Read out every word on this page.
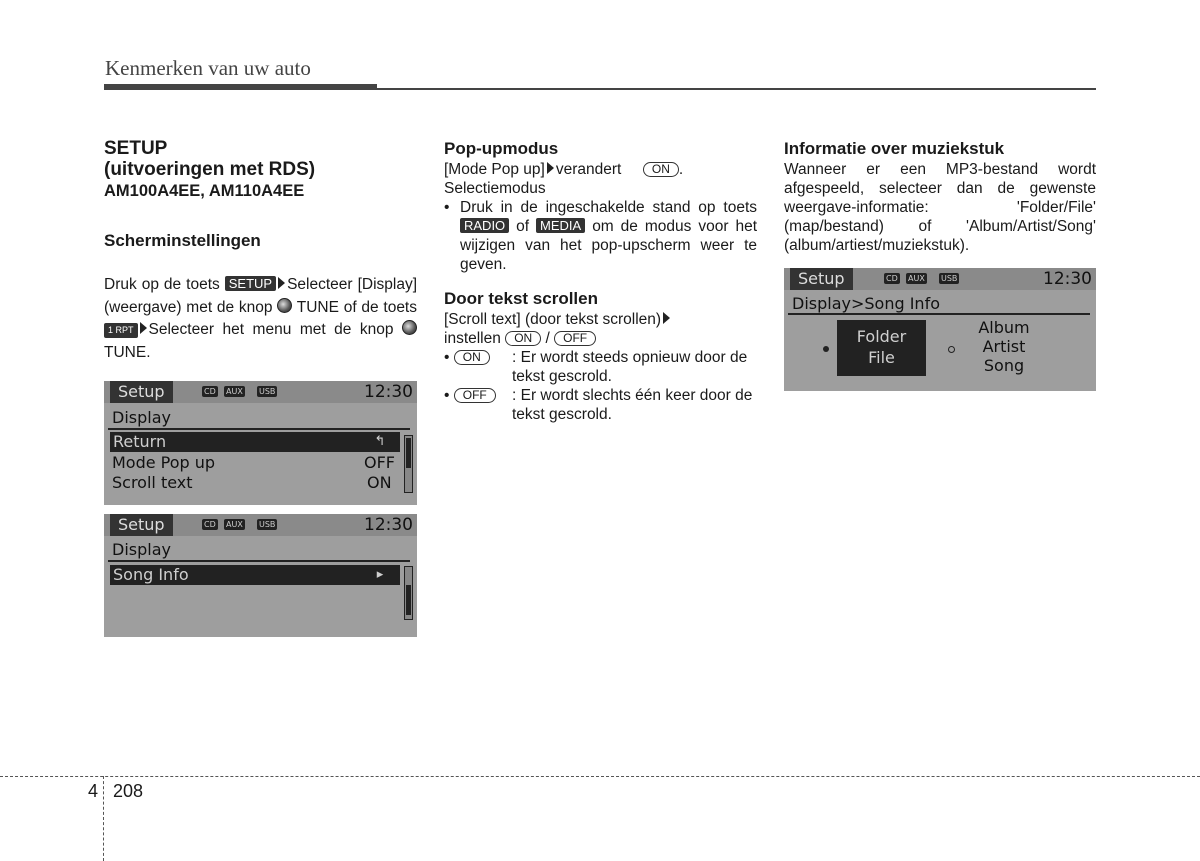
Kenmerken van uw auto
SETUP
(uitvoeringen met RDS)
AM100A4EE, AM110A4EE
Scherminstellingen

Druk op de toets SETUP Selecteer [Display] (weergave) met de knop TUNE of de toets 1 RPT Selecteer het menu met de knop  TUNE.

Setup	CD AUX USB	12:30
Display
Return	↰
Mode Pop up	OFF
Scroll text	ON
Setup	CD AUX USB	12:30
Display
Song Info	▸
Pop-upmodus

[Mode Pop up] verandert	ON .
Selectiemodus

• Druk in de ingeschakelde stand op toets RADIO of MEDIA om de modus voor het wijzigen van het pop-upscherm weer te geven.
Door tekst scrollen

[Scroll text] (door tekst scrollen)
instellen ON / OFF

• ON	: Er wordt steeds opnieuw door de tekst gescrold.
• OFF	: Er wordt slechts één keer door de tekst gescrold.
Informatie over muziekstuk

Wanneer er een MP3-bestand wordt afgespeeld, selecteer dan de gewenste weergave-informatie: 'Folder/File' (map/bestand) of 'Album/Artist/Song' (album/artiest/muziekstuk).

Setup	CD AUX USB	12:30
Display>Song Info
Folder
File
Album
Artist
Song
4 208
